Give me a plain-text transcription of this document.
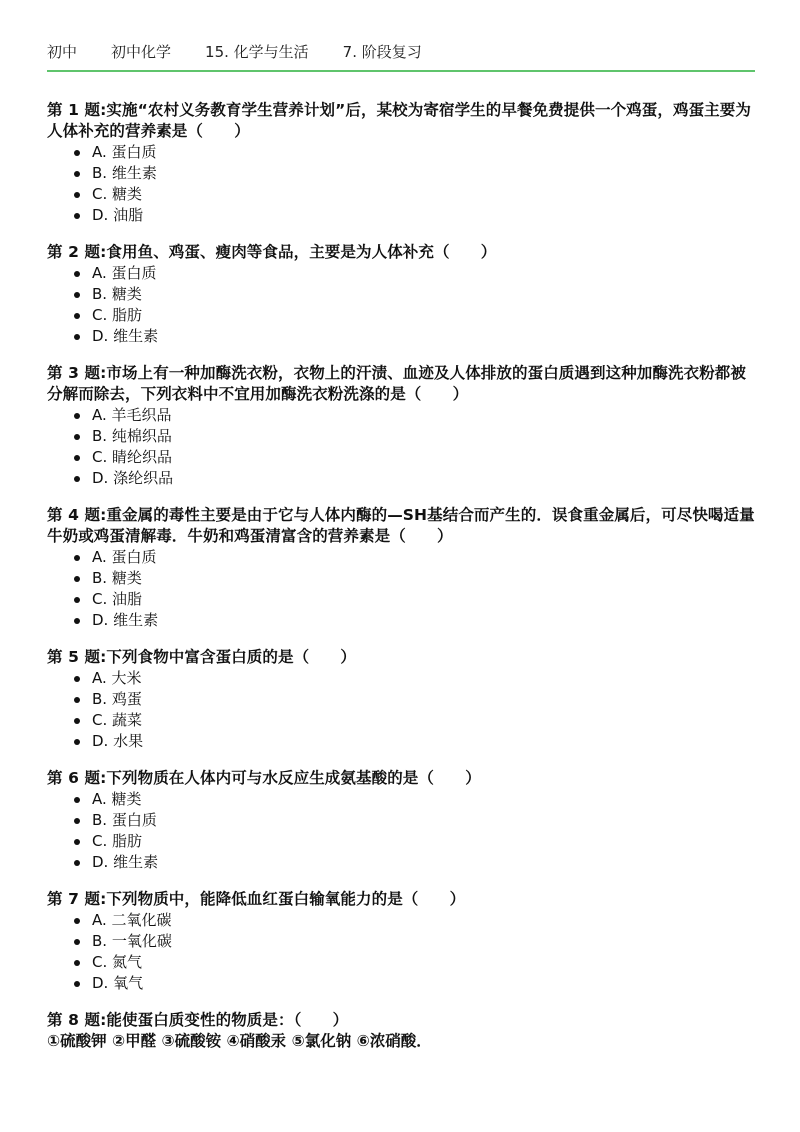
初中 初中化学 15. 化学与生活 7. 阶段复习
第 1 题:实施“农村义务教育学生营养计划”后，某校为寄宿学生的早餐免费提供一个鸡蛋，鸡蛋主要为人体补充的营养素是（　　）
A. 蛋白质
B. 维生素
C. 糖类
D. 油脂
第 2 题:食用鱼、鸡蛋、瘦肉等食品，主要是为人体补充（　　）
A. 蛋白质
B. 糖类
C. 脂肪
D. 维生素
第 3 题:市场上有一种加酶洗衣粉，衣物上的汗渍、血迹及人体排放的蛋白质遇到这种加酶洗衣粉都被分解而除去，下列衣料中不宜用加酶洗衣粉洗涤的是（　　）
A. 羊毛织品
B. 纯棉织品
C. 睛纶织品
D. 涤纶织品
第 4 题:重金属的毒性主要是由于它与人体内酶的—SH基结合而产生的．误食重金属后，可尽快喝适量牛奶或鸡蛋清解毒．牛奶和鸡蛋清富含的营养素是（　　）
A. 蛋白质
B. 糖类
C. 油脂
D. 维生素
第 5 题:下列食物中富含蛋白质的是（　　）
A. 大米
B. 鸡蛋
C. 蔬菜
D. 水果
第 6 题:下列物质在人体内可与水反应生成氨基酸的是（　　）
A. 糖类
B. 蛋白质
C. 脂肪
D. 维生素
第 7 题:下列物质中，能降低血红蛋白输氧能力的是（　　）
A. 二氧化碳
B. 一氧化碳
C. 氮气
D. 氧气
第 8 题:能使蛋白质变性的物质是：（　　）
①硫酸钾 ②甲醛 ③硫酸铵 ④硝酸汞 ⑤氯化钠 ⑥浓硝酸．
